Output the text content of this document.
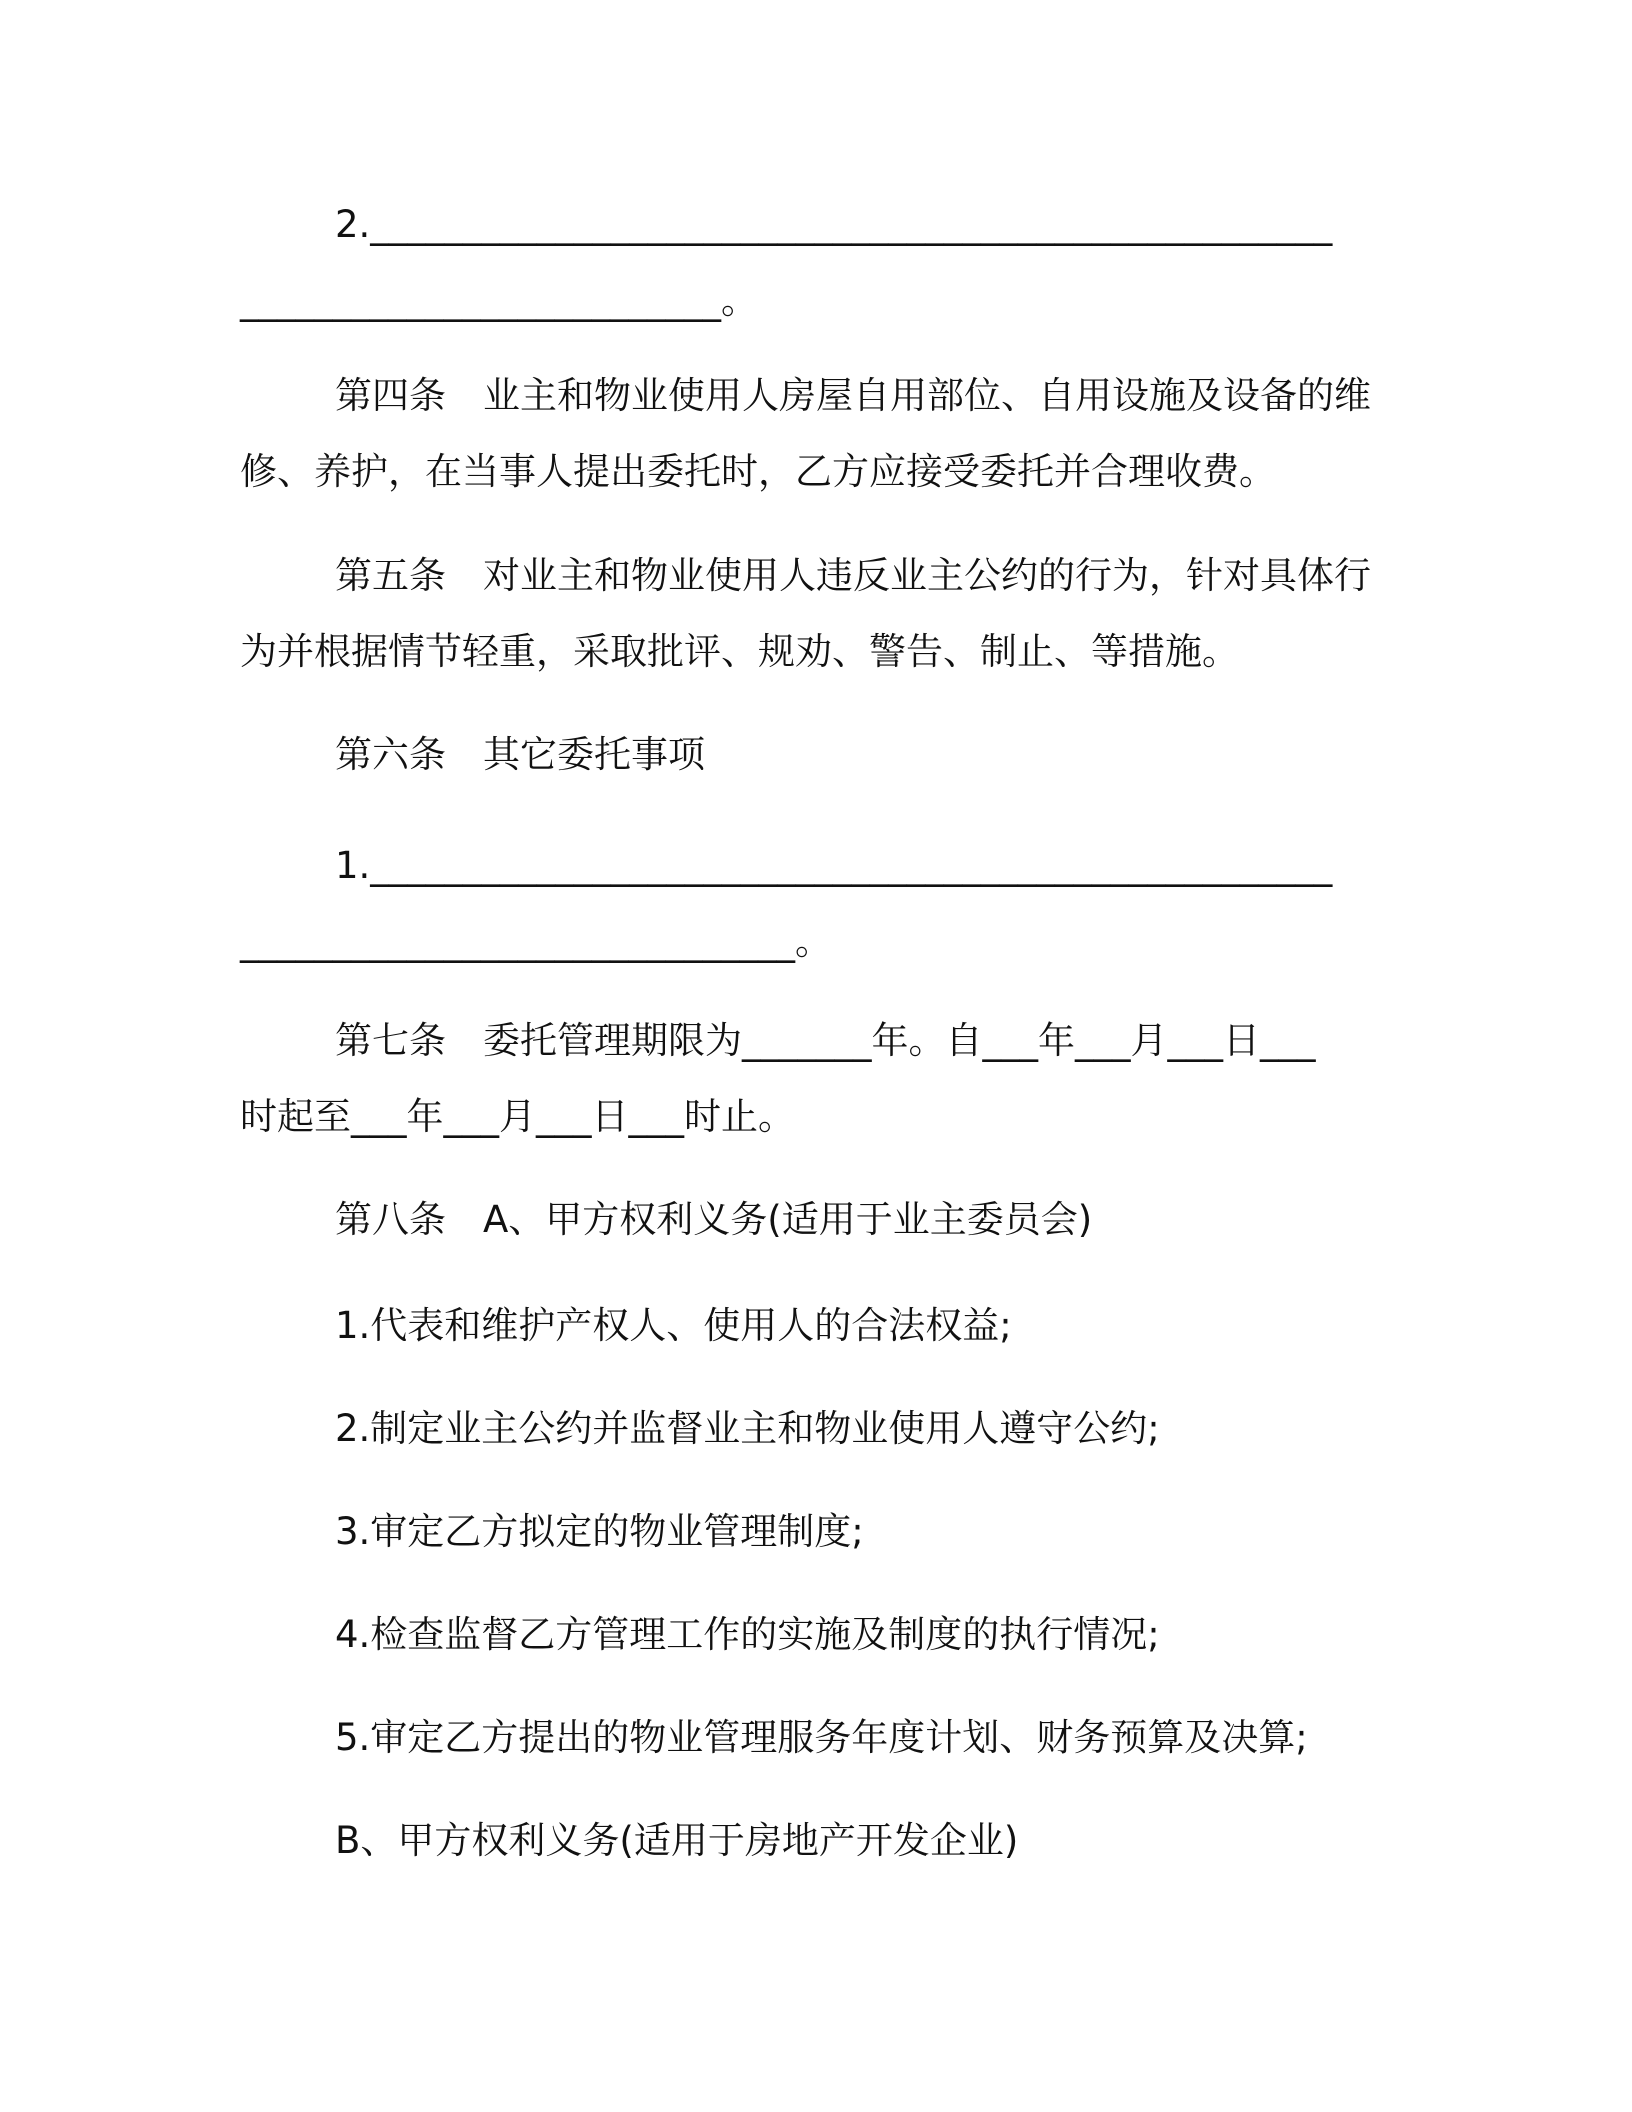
2.____________________________________________________
__________________________。
第四条　业主和物业使用人房屋自用部位、自用设施及设备的维
修、养护，在当事人提出委托时，乙方应接受委托并合理收费。
第五条　对业主和物业使用人违反业主公约的行为，针对具体行
为并根据情节轻重，采取批评、规劝、警告、制止、等措施。
第六条　其它委托事项
1.____________________________________________________
______________________________。
第七条　委托管理期限为_______年。自___年___月___日___
时起至___年___月___日___时止。
第八条　A、甲方权利义务(适用于业主委员会)
1.代表和维护产权人、使用人的合法权益;
2.制定业主公约并监督业主和物业使用人遵守公约;
3.审定乙方拟定的物业管理制度;
4.检查监督乙方管理工作的实施及制度的执行情况;
5.审定乙方提出的物业管理服务年度计划、财务预算及决算;
B、甲方权利义务(适用于房地产开发企业)
